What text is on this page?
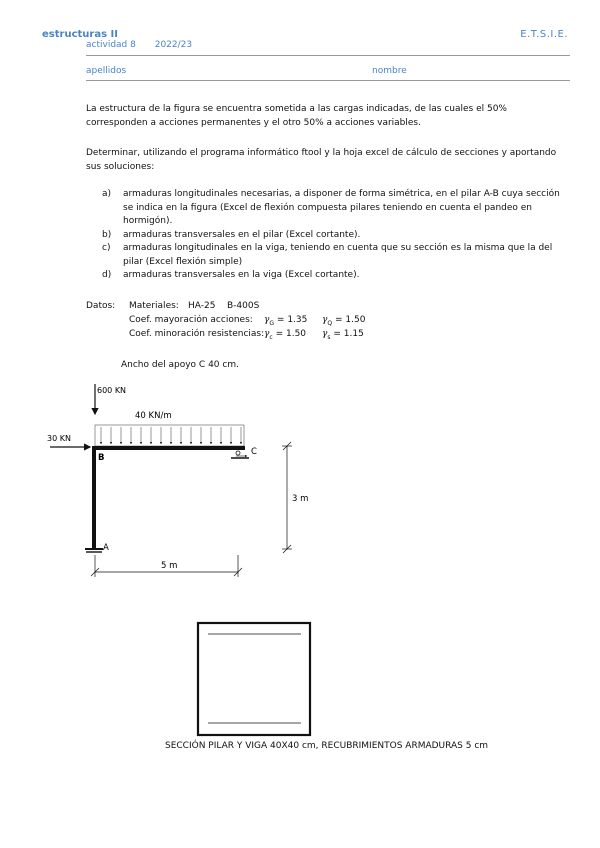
estructuras II	E.T.S.I.E.
actividad 8 2022/23
apellidos	nombre
La estructura de la figura se encuentra sometida a las cargas indicadas, de las cuales el 50% corresponden a acciones permanentes y el otro 50% a acciones variables.
Determinar, utilizando el programa informático ftool y la hoja excel de cálculo de secciones y aportando sus soluciones:
a) armaduras longitudinales necesarias, a disponer de forma simétrica, en el pilar A-B cuya sección se indica en la figura (Excel de flexión compuesta pilares teniendo en cuenta el pandeo en hormigón).
b) armaduras transversales en el pilar (Excel cortante).
c) armaduras longitudinales en la viga, teniendo en cuenta que su sección es la misma que la del pilar (Excel flexión simple)
d) armaduras transversales en la viga (Excel cortante).
Datos: Materiales: HA-25 B-400S
Coef. mayoración acciones: $\gamma_G = 1.35$ $\gamma_Q = 1.50$
Coef. minoración resistencias: $\gamma_c = 1.50$ $\gamma_s = 1.15$
Ancho del apoyo C 40 cm.
600 KN
40 KN/m
30 KN
B
C
A
3 m
5 m
SECCIÓN PILAR Y VIGA 40X40 cm, RECUBRIMIENTOS ARMADURAS 5 cm
